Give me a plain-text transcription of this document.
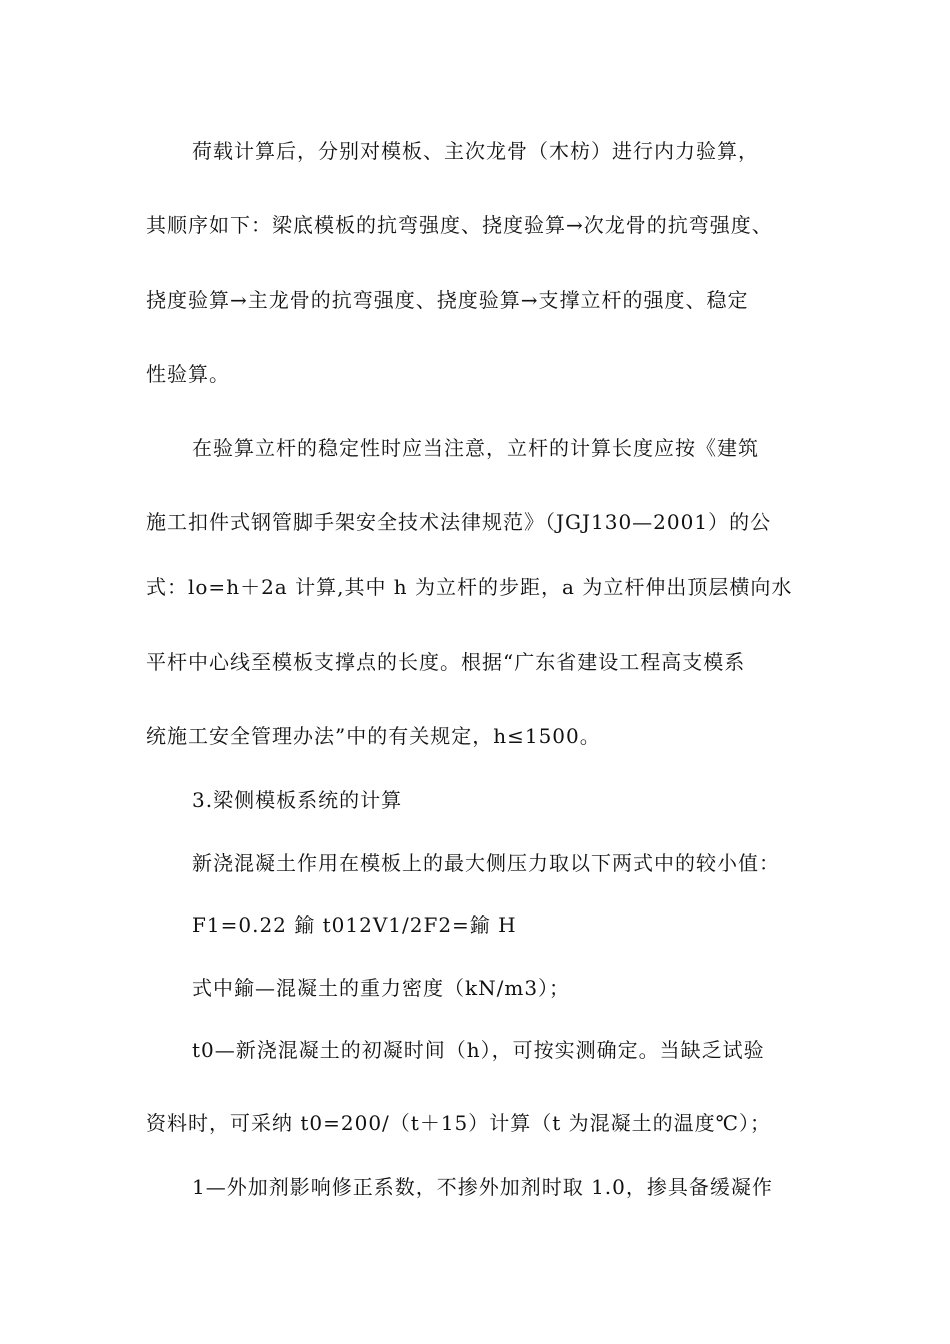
荷载计算后，分别对模板、主次龙骨（木枋）进行内力验算，
其顺序如下：梁底模板的抗弯强度、挠度验算→次龙骨的抗弯强度、
挠度验算→主龙骨的抗弯强度、挠度验算→支撑立杆的强度、稳定
性验算。
在验算立杆的稳定性时应当注意，立杆的计算长度应按《建筑
施工扣件式钢管脚手架安全技术法律规范》（JGJ130—2001）的公
式：lo=h＋2a 计算,其中 h 为立杆的步距，a 为立杆伸出顶层横向水
平杆中心线至模板支撑点的长度。根据“广东省建设工程高支模系
统施工安全管理办法”中的有关规定，h≤1500。
3.梁侧模板系统的计算
新浇混凝土作用在模板上的最大侧压力取以下两式中的较小值：
F1=0.22 鍮 t012V1/2F2=鍮 H
式中鍮—混凝土的重力密度（kN/m3）；
t0—新浇混凝土的初凝时间（h），可按实测确定。当缺乏试验
资料时，可采纳 t0=200/（t＋15）计算（t 为混凝土的温度℃）；
1—外加剂影响修正系数，不掺外加剂时取 1.0，掺具备缓凝作
